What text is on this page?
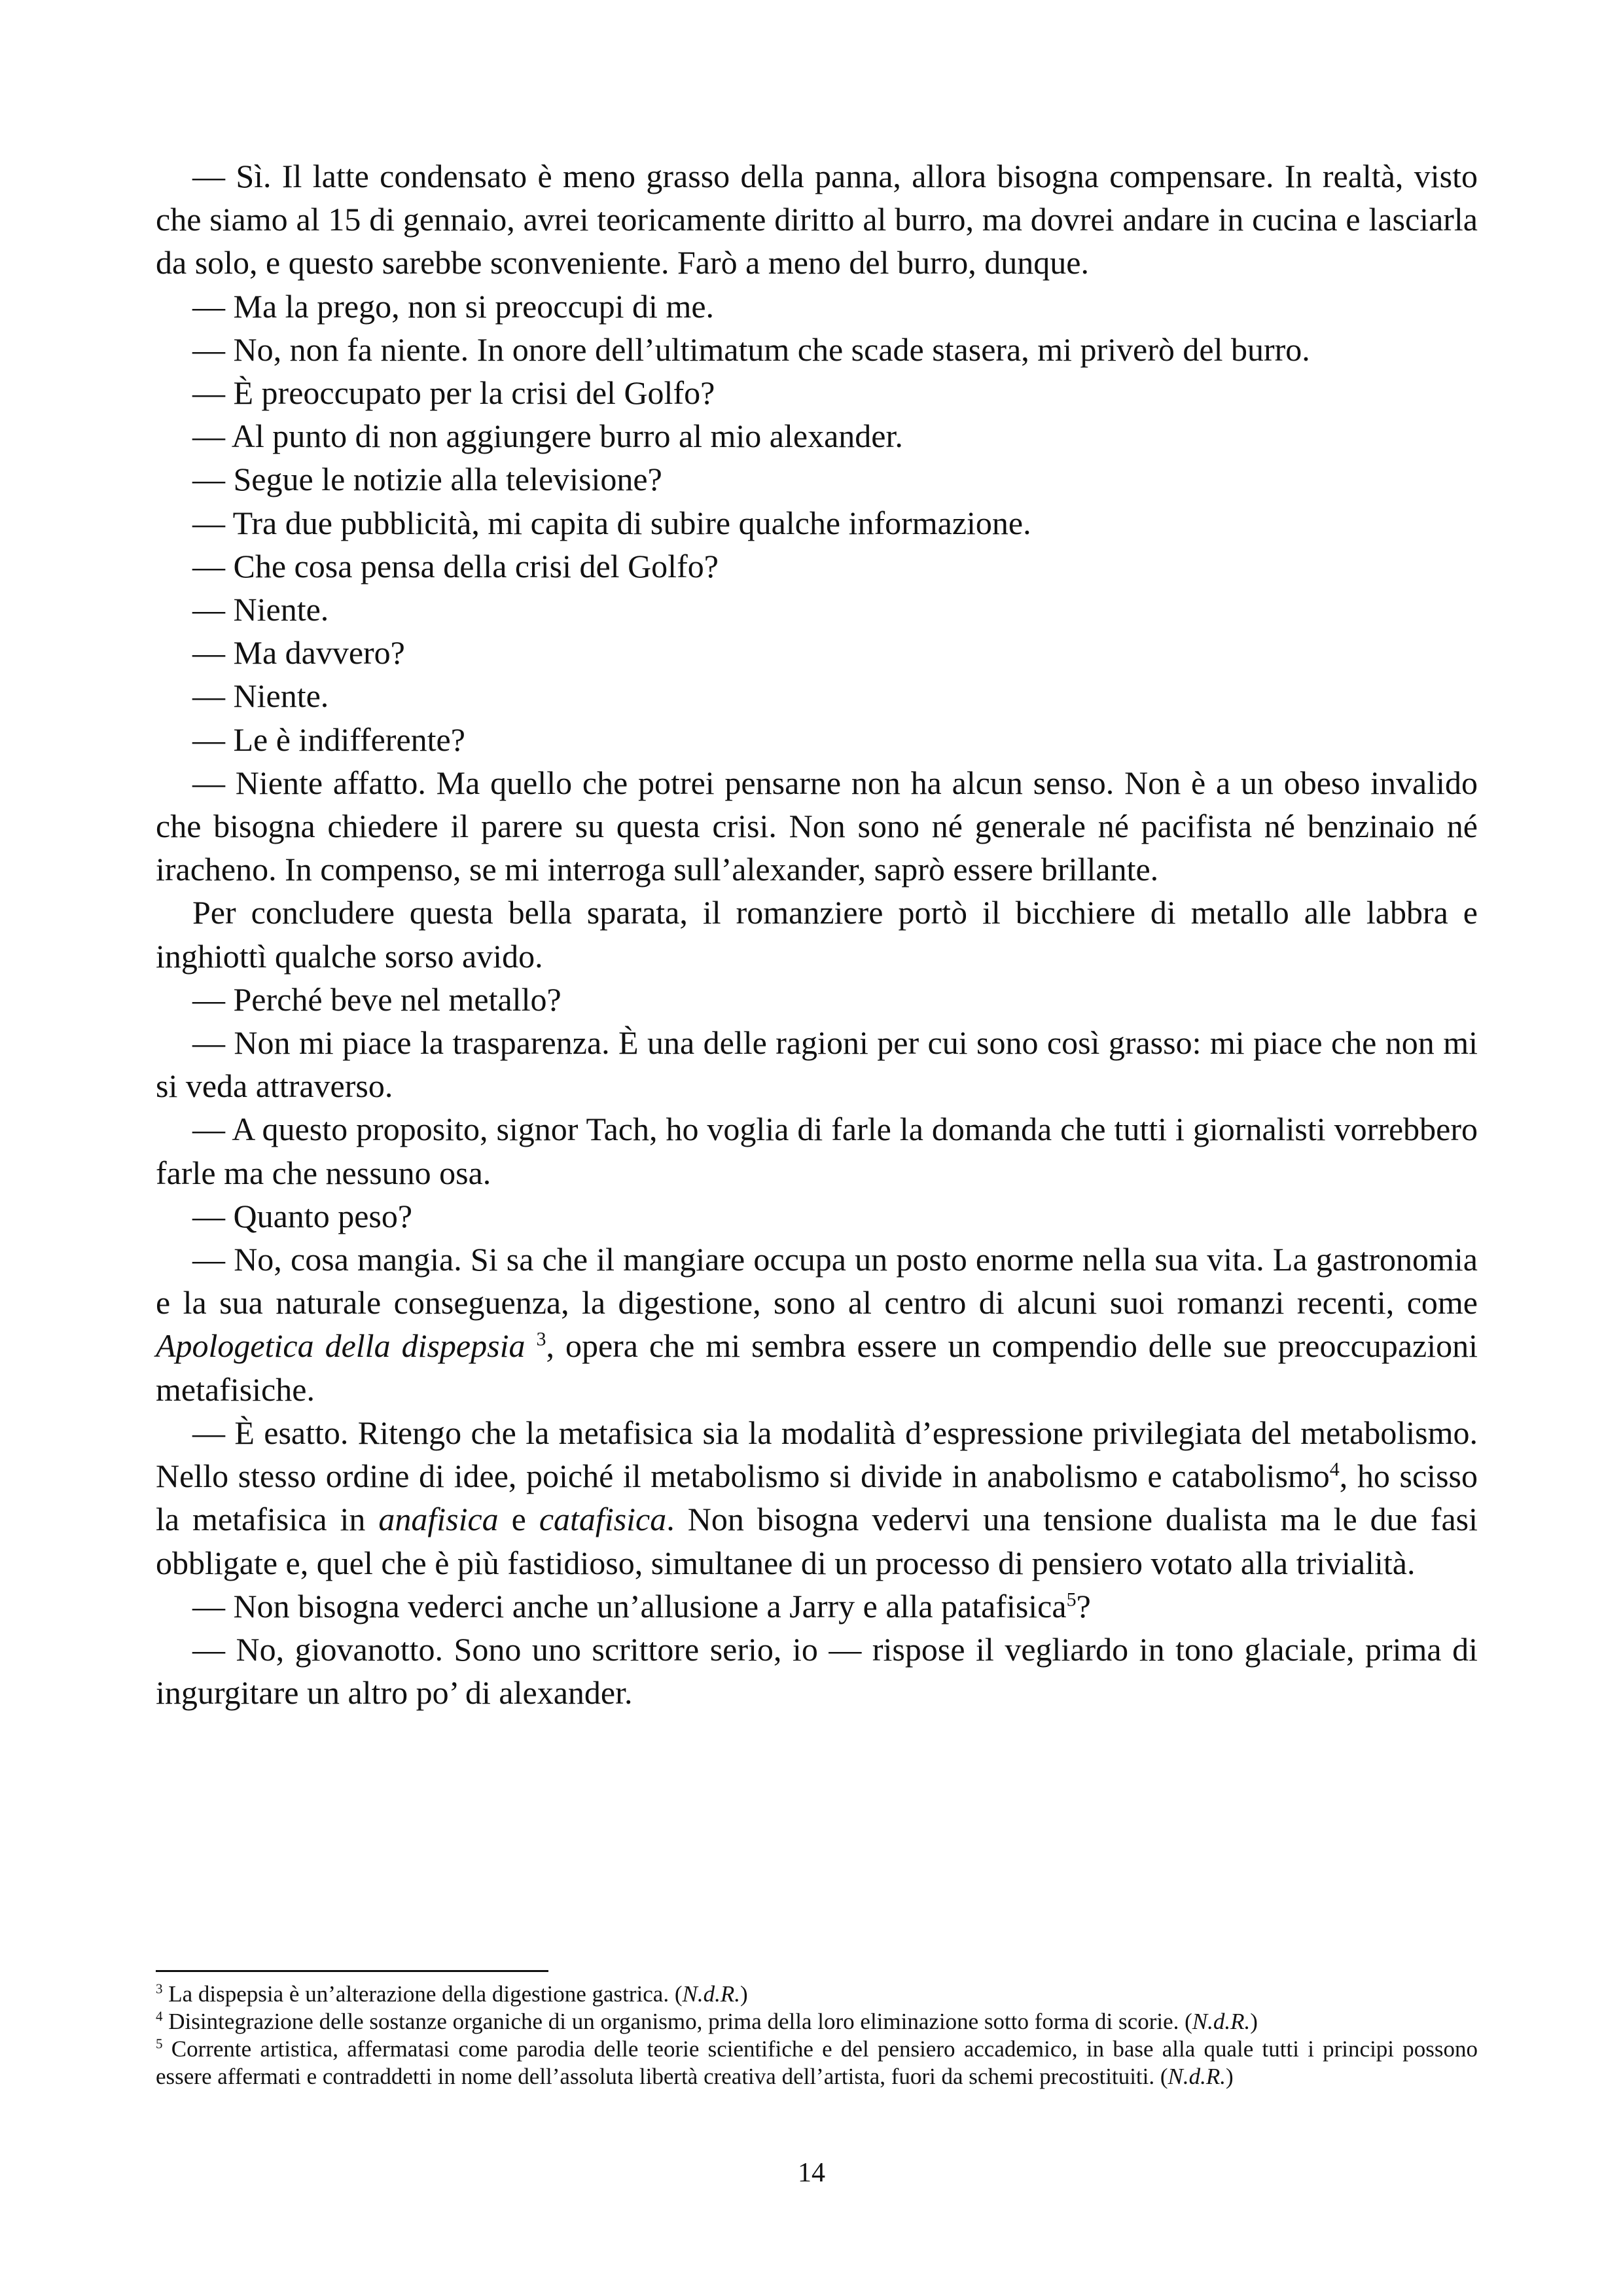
— Sì. Il latte condensato è meno grasso della panna, allora bisogna compensare. In realtà, visto che siamo al 15 di gennaio, avrei teoricamente diritto al burro, ma dovrei andare in cucina e lasciarla da solo, e questo sarebbe sconveniente. Farò a meno del burro, dunque.

— Ma la prego, non si preoccupi di me.

— No, non fa niente. In onore dell’ultimatum che scade stasera, mi priverò del burro.

— È preoccupato per la crisi del Golfo?

— Al punto di non aggiungere burro al mio alexander.

— Segue le notizie alla televisione?

— Tra due pubblicità, mi capita di subire qualche informazione.

— Che cosa pensa della crisi del Golfo?

— Niente.

— Ma davvero?

— Niente.

— Le è indifferente?

— Niente affatto. Ma quello che potrei pensarne non ha alcun senso. Non è a un obeso invalido che bisogna chiedere il parere su questa crisi. Non sono né generale né pacifista né benzinaio né iracheno. In compenso, se mi interroga sull’alexander, saprò essere brillante.

Per concludere questa bella sparata, il romanziere portò il bicchiere di metallo alle labbra e inghiottì qualche sorso avido.

— Perché beve nel metallo?

— Non mi piace la trasparenza. È una delle ragioni per cui sono così grasso: mi piace che non mi si veda attraverso.

— A questo proposito, signor Tach, ho voglia di farle la domanda che tutti i giornalisti vorrebbero farle ma che nessuno osa.

— Quanto peso?

— No, cosa mangia. Si sa che il mangiare occupa un posto enorme nella sua vita. La gastronomia e la sua naturale conseguenza, la digestione, sono al centro di alcuni suoi romanzi recenti, come Apologetica della dispepsia $^3$, opera che mi sembra essere un compendio delle sue preoccupazioni metafisiche.

— È esatto. Ritengo che la metafisica sia la modalità d’espressione privilegiata del metabolismo. Nello stesso ordine di idee, poiché il metabolismo si divide in anabolismo e catabolismo$^4$, ho scisso la metafisica in anafisica e catafisica. Non bisogna vedervi una tensione dualista ma le due fasi obbligate e, quel che è più fastidioso, simultanee di un processo di pensiero votato alla trivialità.

— Non bisogna vederci anche un’allusione a Jarry e alla patafisica$^5$?

— No, giovanotto. Sono uno scrittore serio, io — rispose il vegliardo in tono glaciale, prima di ingurgitare un altro po’ di alexander.

$^3$ La dispepsia è un’alterazione della digestione gastrica. (N.d.R.)

$^4$ Disintegrazione delle sostanze organiche di un organismo, prima della loro eliminazione sotto forma di scorie. (N.d.R.)

$^5$ Corrente artistica, affermatasi come parodia delle teorie scientifiche e del pensiero accademico, in base alla quale tutti i principi possono essere affermati e contraddetti in nome dell’assoluta libertà creativa dell’artista, fuori da schemi precostituiti. (N.d.R.)

14
